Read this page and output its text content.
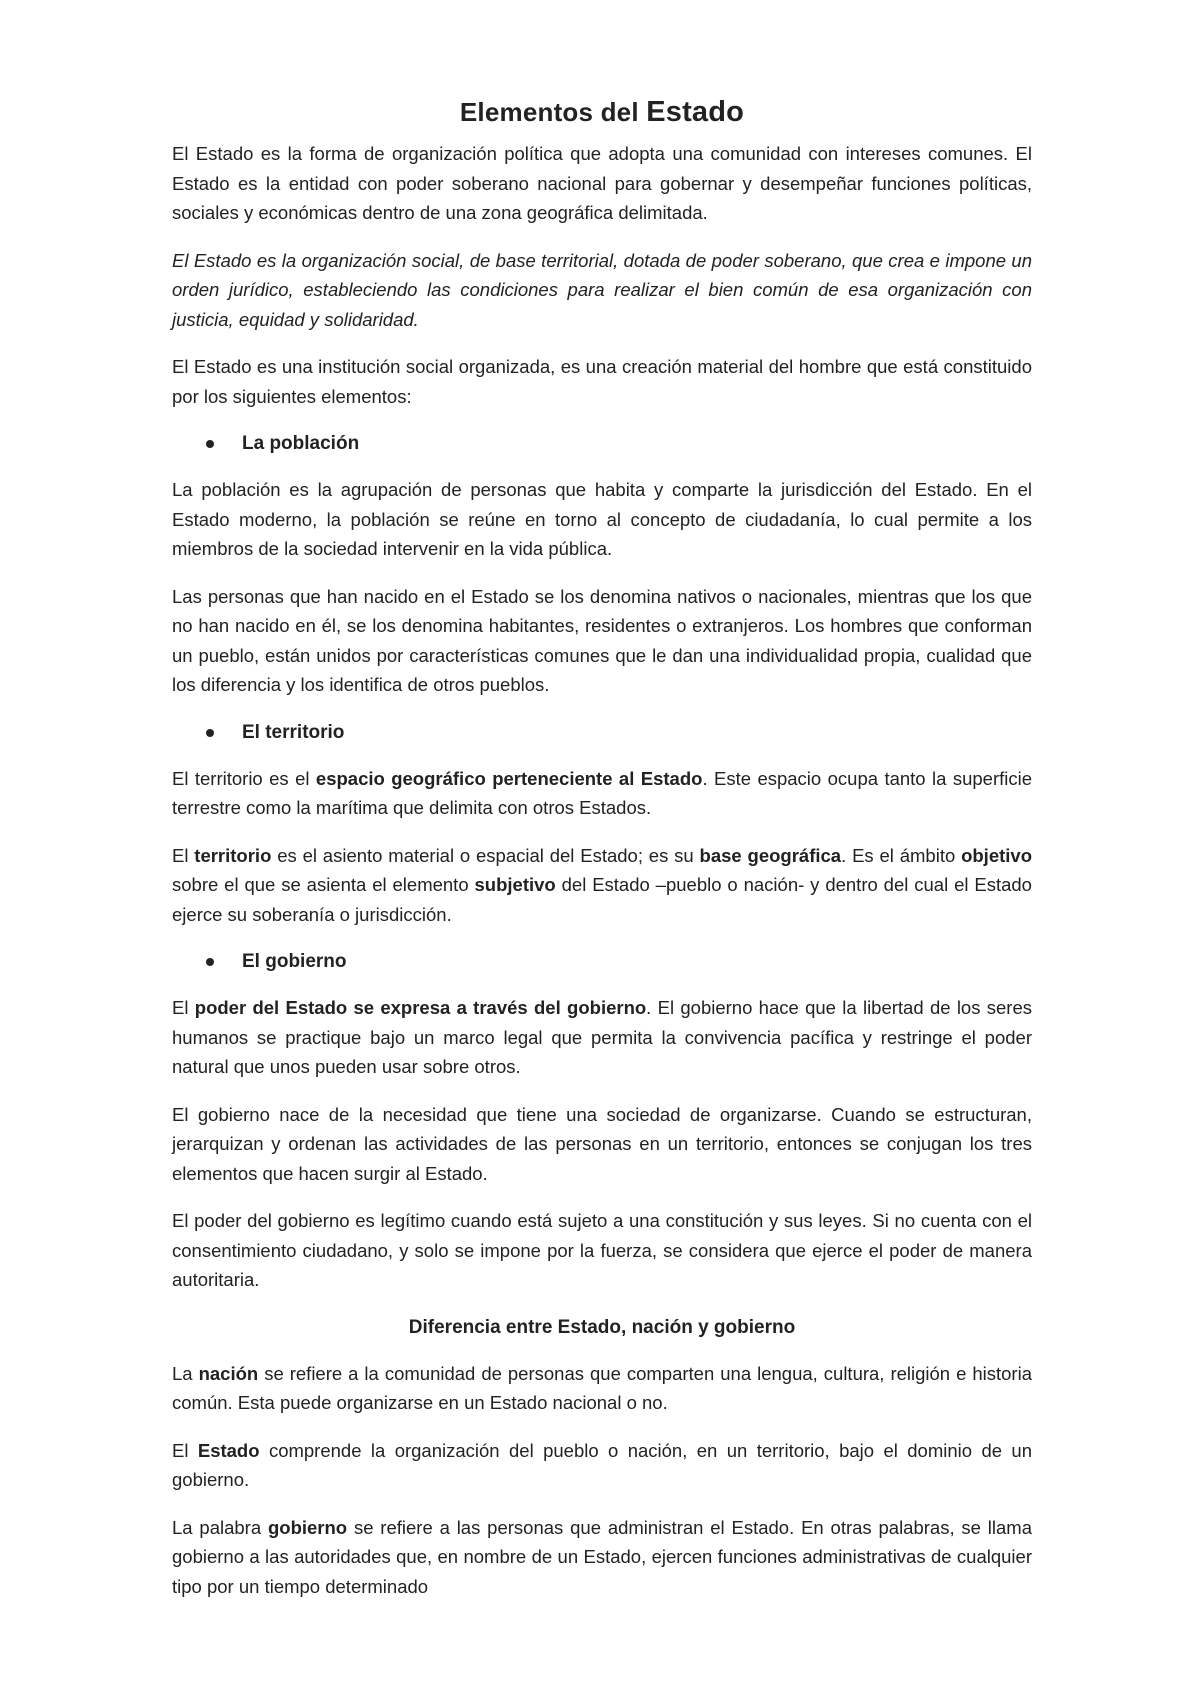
Elementos del Estado

El Estado es la forma de organización política que adopta una comunidad con intereses comunes. El Estado es la entidad con poder soberano nacional para gobernar y desempeñar funciones políticas, sociales y económicas dentro de una zona geográfica delimitada.

El Estado es la organización social, de base territorial, dotada de poder soberano, que crea e impone un orden jurídico, estableciendo las condiciones para realizar el bien común de esa organización con justicia, equidad y solidaridad.

El Estado es una institución social organizada, es una creación material del hombre que está constituido por los siguientes elementos:

La población

La población es la agrupación de personas que habita y comparte la jurisdicción del Estado. En el Estado moderno, la población se reúne en torno al concepto de ciudadanía, lo cual permite a los miembros de la sociedad intervenir en la vida pública.

Las personas que han nacido en el Estado se los denomina nativos o nacionales, mientras que los que no han nacido en él, se los denomina habitantes, residentes o extranjeros. Los hombres que conforman un pueblo, están unidos por características comunes que le dan una individualidad propia, cualidad que los diferencia y los identifica de otros pueblos.

El territorio

El territorio es el espacio geográfico perteneciente al Estado. Este espacio ocupa tanto la superficie terrestre como la marítima que delimita con otros Estados.

El territorio es el asiento material o espacial del Estado; es su base geográfica. Es el ámbito objetivo sobre el que se asienta el elemento subjetivo del Estado –pueblo o nación- y dentro del cual el Estado ejerce su soberanía o jurisdicción.

El gobierno

El poder del Estado se expresa a través del gobierno. El gobierno hace que la libertad de los seres humanos se practique bajo un marco legal que permita la convivencia pacífica y restringe el poder natural que unos pueden usar sobre otros.

El gobierno nace de la necesidad que tiene una sociedad de organizarse. Cuando se estructuran, jerarquizan y ordenan las actividades de las personas en un territorio, entonces se conjugan los tres elementos que hacen surgir al Estado.

El poder del gobierno es legítimo cuando está sujeto a una constitución y sus leyes. Si no cuenta con el consentimiento ciudadano, y solo se impone por la fuerza, se considera que ejerce el poder de manera autoritaria.

Diferencia entre Estado, nación y gobierno

La nación se refiere a la comunidad de personas que comparten una lengua, cultura, religión e historia común. Esta puede organizarse en un Estado nacional o no.

El Estado comprende la organización del pueblo o nación, en un territorio, bajo el dominio de un gobierno.

La palabra gobierno se refiere a las personas que administran el Estado. En otras palabras, se llama gobierno a las autoridades que, en nombre de un Estado, ejercen funciones administrativas de cualquier tipo por un tiempo determinado
